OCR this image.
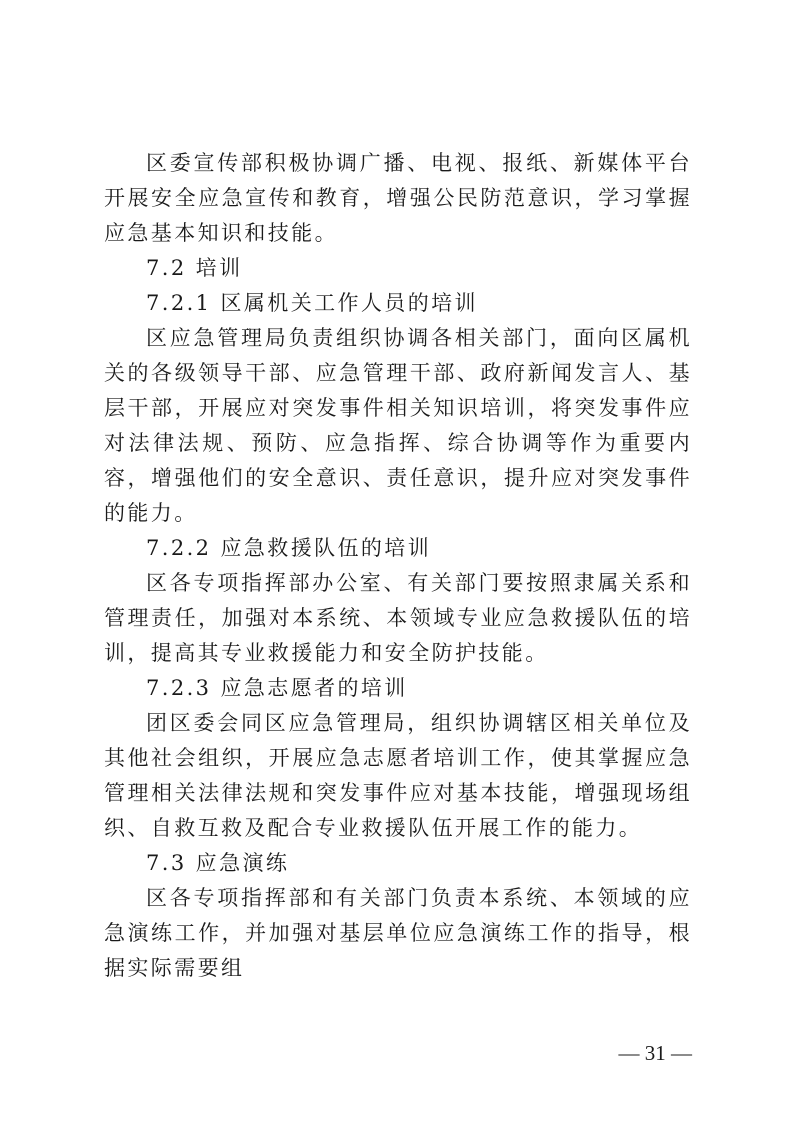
区委宣传部积极协调广播、电视、报纸、新媒体平台开展安全应急宣传和教育，增强公民防范意识，学习掌握应急基本知识和技能。

7.2 培训

7.2.1 区属机关工作人员的培训

区应急管理局负责组织协调各相关部门，面向区属机关的各级领导干部、应急管理干部、政府新闻发言人、基层干部，开展应对突发事件相关知识培训，将突发事件应对法律法规、预防、应急指挥、综合协调等作为重要内容，增强他们的安全意识、责任意识，提升应对突发事件的能力。

7.2.2 应急救援队伍的培训

区各专项指挥部办公室、有关部门要按照隶属关系和管理责任，加强对本系统、本领域专业应急救援队伍的培训，提高其专业救援能力和安全防护技能。

7.2.3 应急志愿者的培训

团区委会同区应急管理局，组织协调辖区相关单位及其他社会组织，开展应急志愿者培训工作，使其掌握应急管理相关法律法规和突发事件应对基本技能，增强现场组织、自救互救及配合专业救援队伍开展工作的能力。

7.3 应急演练

区各专项指挥部和有关部门负责本系统、本领域的应急演练工作，并加强对基层单位应急演练工作的指导，根据实际需要组

— 31 —
